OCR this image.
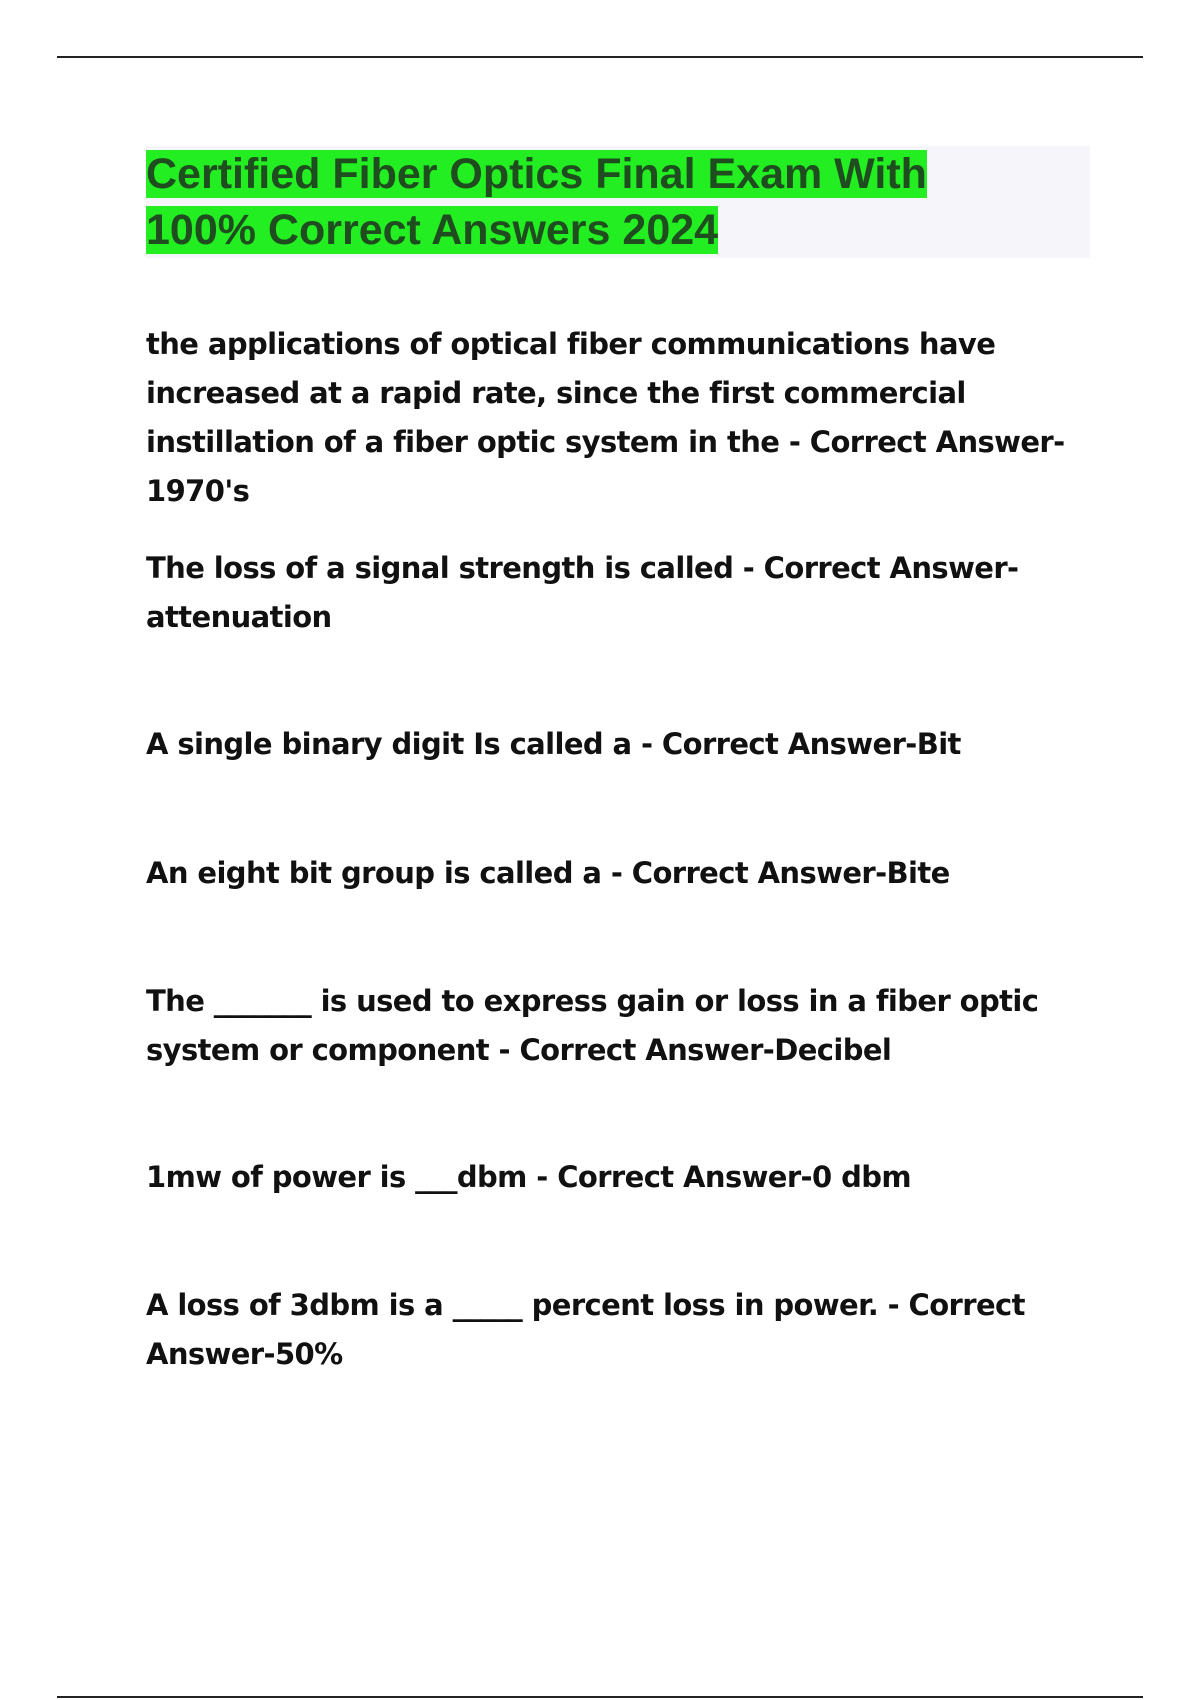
Certified Fiber Optics Final Exam With
100% Correct Answers 2024

the applications of optical fiber communications have increased at a rapid rate, since the first commercial instillation of a fiber optic system in the - Correct Answer-1970's

The loss of a signal strength is called - Correct Answer-attenuation

A single binary digit Is called a - Correct Answer-Bit

An eight bit group is called a - Correct Answer-Bite

The _______ is used to express gain or loss in a fiber optic system or component - Correct Answer-Decibel

1mw of power is ___dbm - Correct Answer-0 dbm

A loss of 3dbm is a _____ percent loss in power. - Correct Answer-50%
